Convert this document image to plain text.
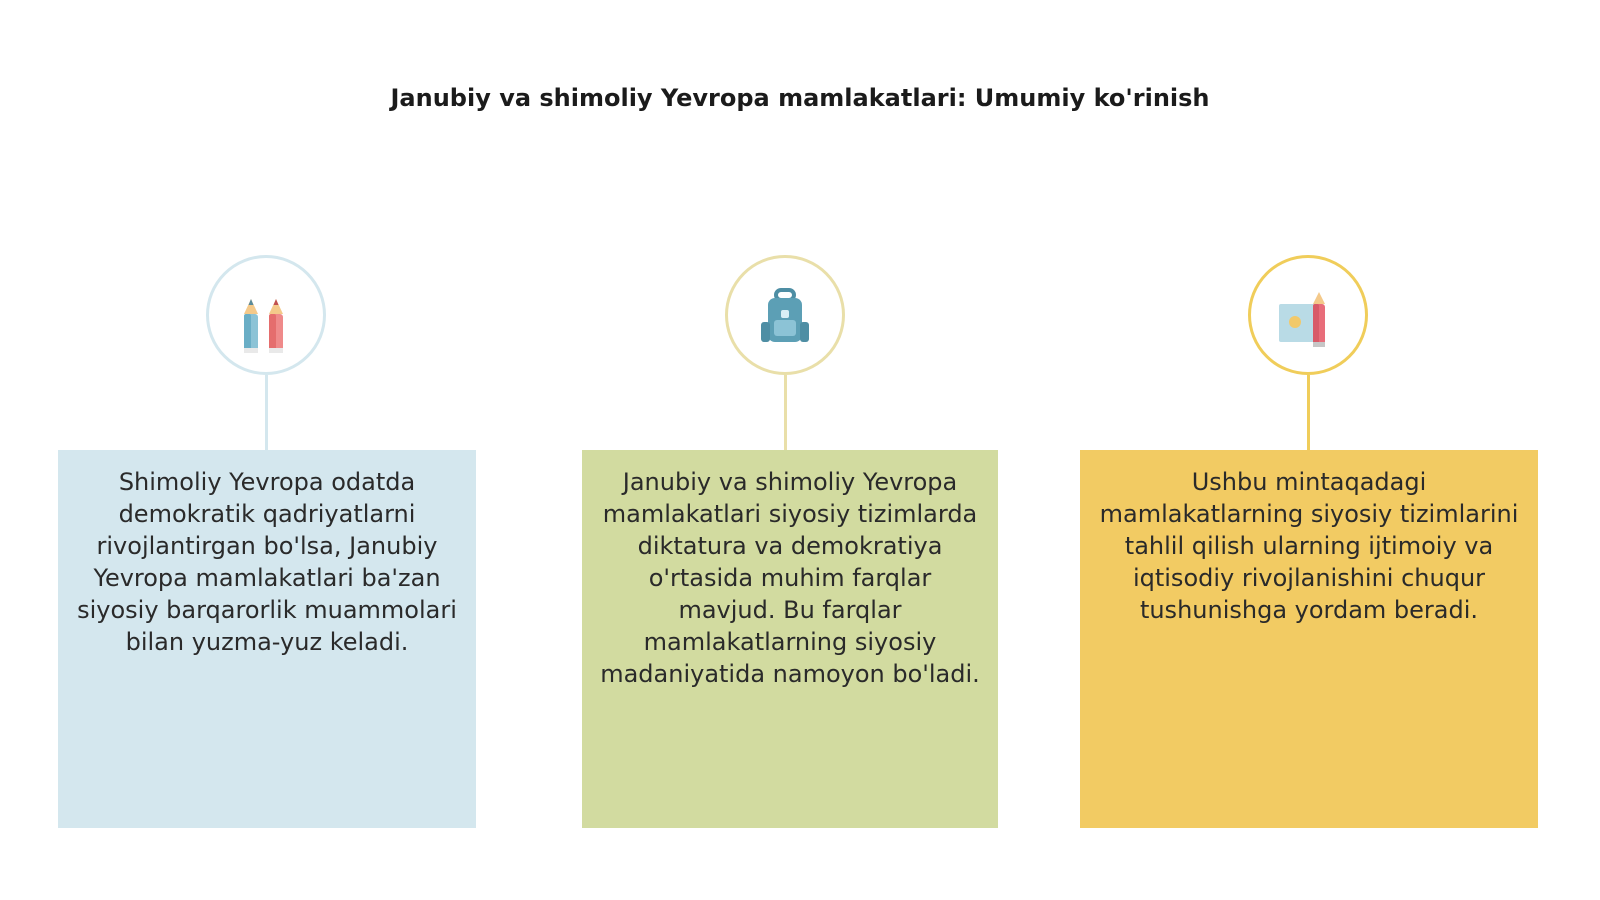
Janubiy va shimoliy Yevropa mamlakatlari: Umumiy ko'rinish
Shimoliy Yevropa odatda demokratik qadriyatlarni rivojlantirgan bo'lsa, Janubiy Yevropa mamlakatlari ba'zan siyosiy barqarorlik muammolari bilan yuzma-yuz keladi.
Janubiy va shimoliy Yevropa mamlakatlari siyosiy tizimlarda diktatura va demokratiya o'rtasida muhim farqlar mavjud. Bu farqlar mamlakatlarning siyosiy madaniyatida namoyon bo'ladi.
Ushbu mintaqadagi mamlakatlarning siyosiy tizimlarini tahlil qilish ularning ijtimoiy va iqtisodiy rivojlanishini chuqur tushunishga yordam beradi.
